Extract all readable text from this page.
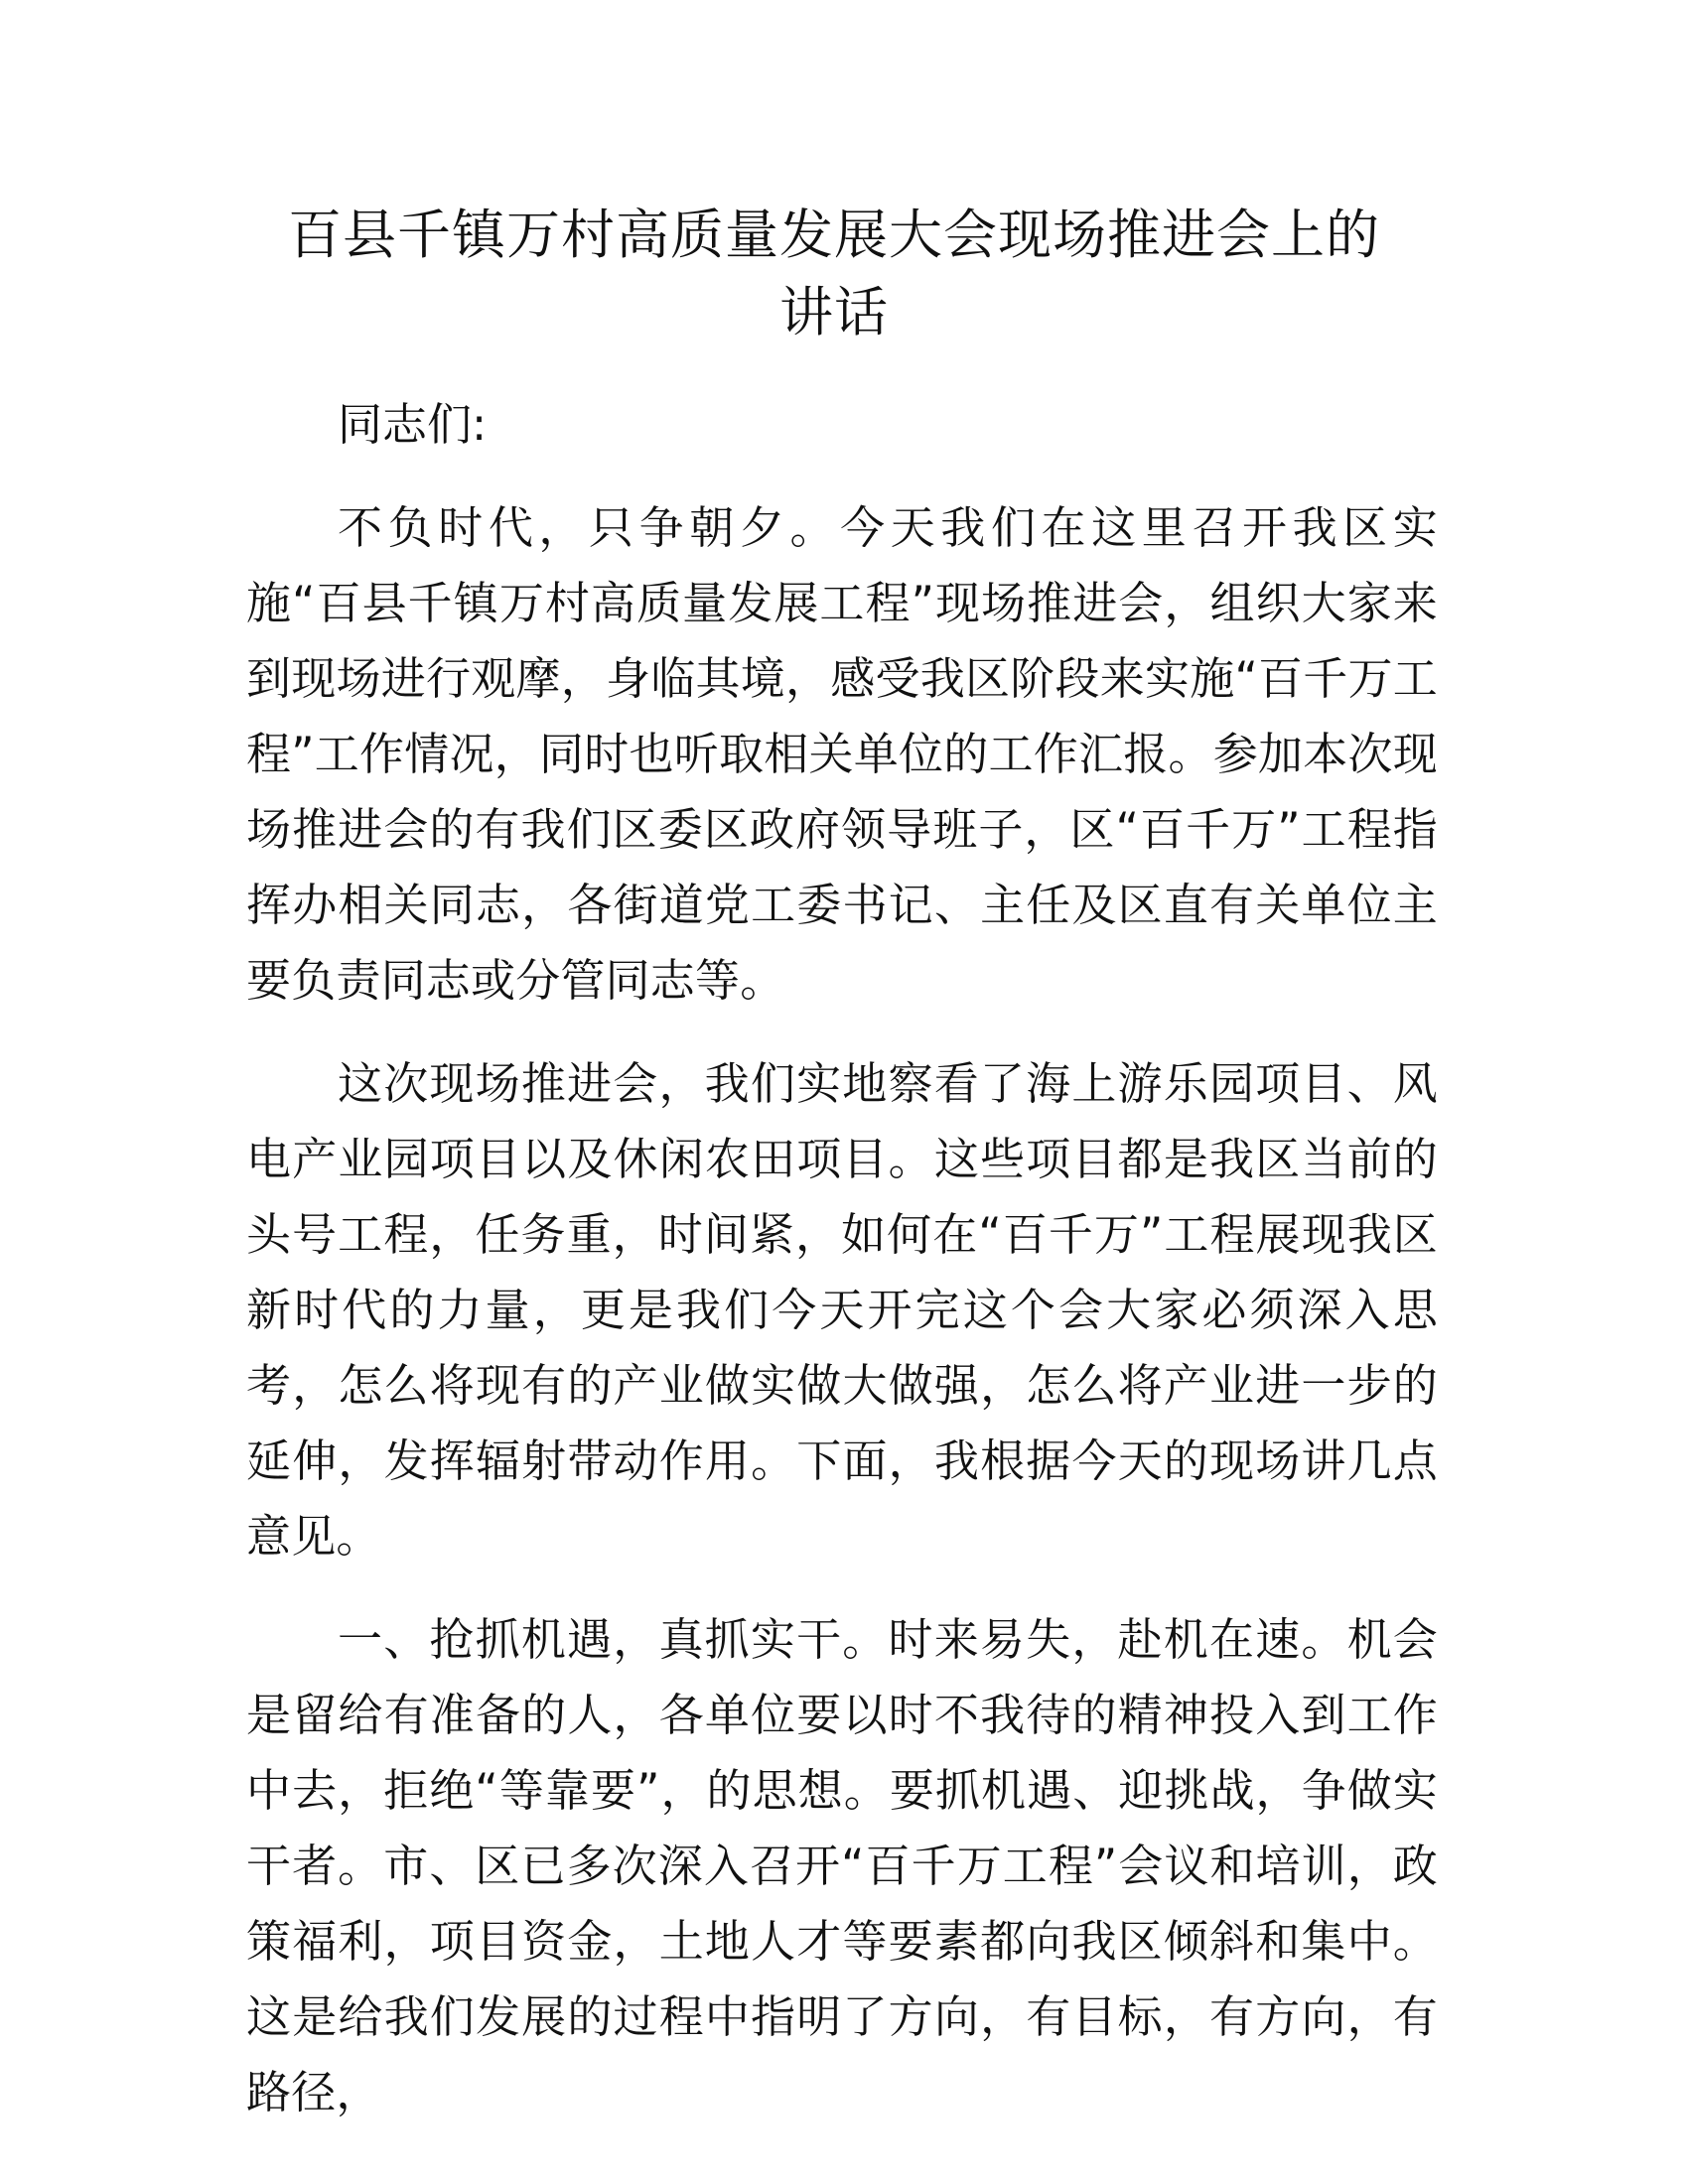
百县千镇万村高质量发展大会现场推进会上的
讲话

同志们:

不负时代，只争朝夕。今天我们在这里召开我区实施“百县千镇万村高质量发展工程”现场推进会，组织大家来到现场进行观摩，身临其境，感受我区阶段来实施“百千万工程”工作情况，同时也听取相关单位的工作汇报。参加本次现场推进会的有我们区委区政府领导班子，区“百千万”工程指挥办相关同志，各街道党工委书记、主任及区直有关单位主要负责同志或分管同志等。

这次现场推进会，我们实地察看了海上游乐园项目、风电产业园项目以及休闲农田项目。这些项目都是我区当前的头号工程，任务重，时间紧，如何在“百千万”工程展现我区新时代的力量，更是我们今天开完这个会大家必须深入思考，怎么将现有的产业做实做大做强，怎么将产业进一步的延伸，发挥辐射带动作用。下面，我根据今天的现场讲几点意见。

一、抢抓机遇，真抓实干。时来易失，赴机在速。机会是留给有准备的人，各单位要以时不我待的精神投入到工作中去，拒绝“等靠要”，的思想。要抓机遇、迎挑战，争做实干者。市、区已多次深入召开“百千万工程”会议和培训，政策福利，项目资金，土地人才等要素都向我区倾斜和集中。这是给我们发展的过程中指明了方向，有目标，有方向，有路径，
